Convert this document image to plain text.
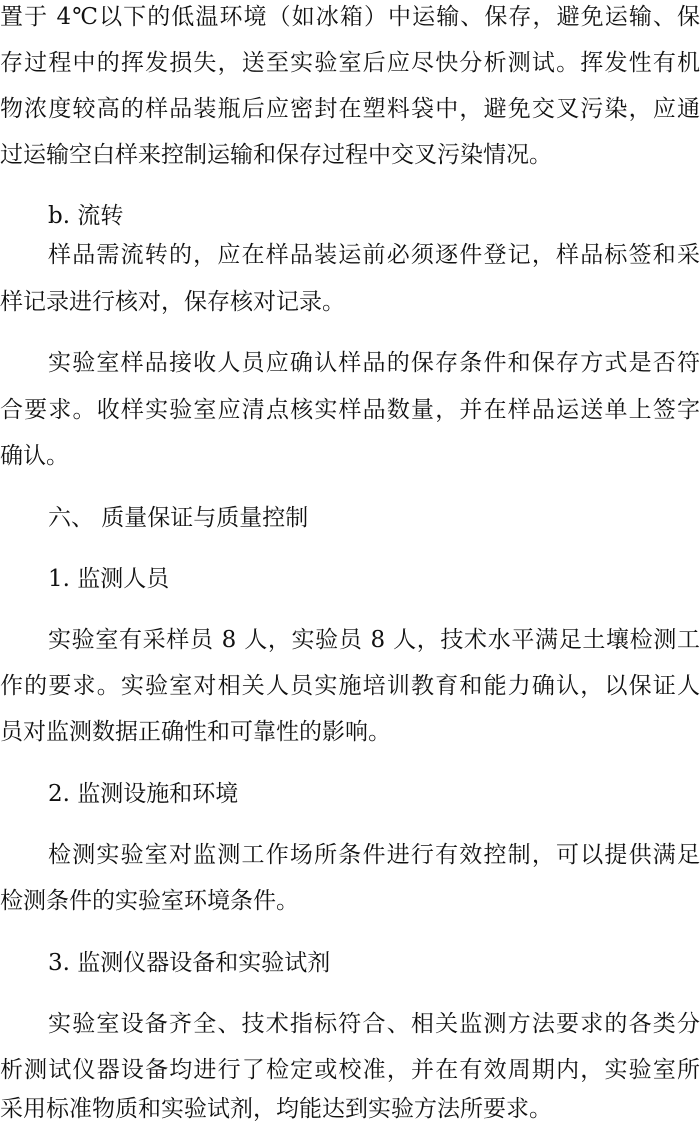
置于 4℃以下的低温环境（如冰箱）中运输、保存，避免运输、保
存过程中的挥发损失，送至实验室后应尽快分析测试。挥发性有机
物浓度较高的样品装瓶后应密封在塑料袋中，避免交叉污染，应通
过运输空白样来控制运输和保存过程中交叉污染情况。
b. 流转
样品需流转的，应在样品装运前必须逐件登记，样品标签和采
样记录进行核对，保存核对记录。
实验室样品接收人员应确认样品的保存条件和保存方式是否符
合要求。收样实验室应清点核实样品数量，并在样品运送单上签字
确认。
六、 质量保证与质量控制
1. 监测人员
实验室有采样员 8 人，实验员 8 人，技术水平满足土壤检测工
作的要求。实验室对相关人员实施培训教育和能力确认，以保证人
员对监测数据正确性和可靠性的影响。
2. 监测设施和环境
检测实验室对监测工作场所条件进行有效控制，可以提供满足
检测条件的实验室环境条件。
3. 监测仪器设备和实验试剂
实验室设备齐全、技术指标符合、相关监测方法要求的各类分
析测试仪器设备均进行了检定或校准，并在有效周期内，实验室所
采用标准物质和实验试剂，均能达到实验方法所要求。
